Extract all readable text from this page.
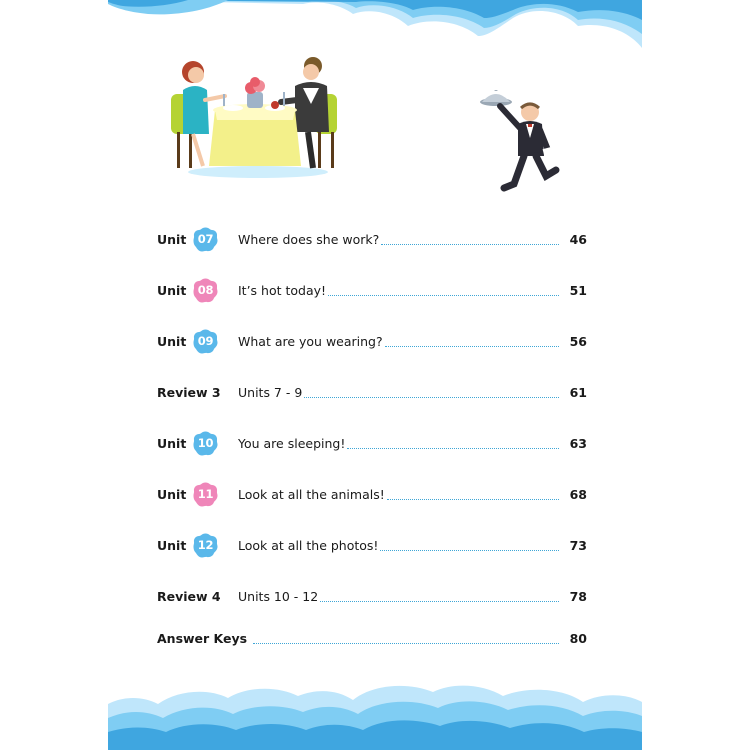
Unit 07 Where does she work?	46
Unit 08 It’s hot today!	51
Unit 09 What are you wearing?	56
Review 3	Units 7 - 9	61
Unit 10 You are sleeping!	63
Unit 11 Look at all the animals!	68
Unit 12 Look at all the photos!	73
Review 4	Units 10 - 12	78
Answer Keys	80
